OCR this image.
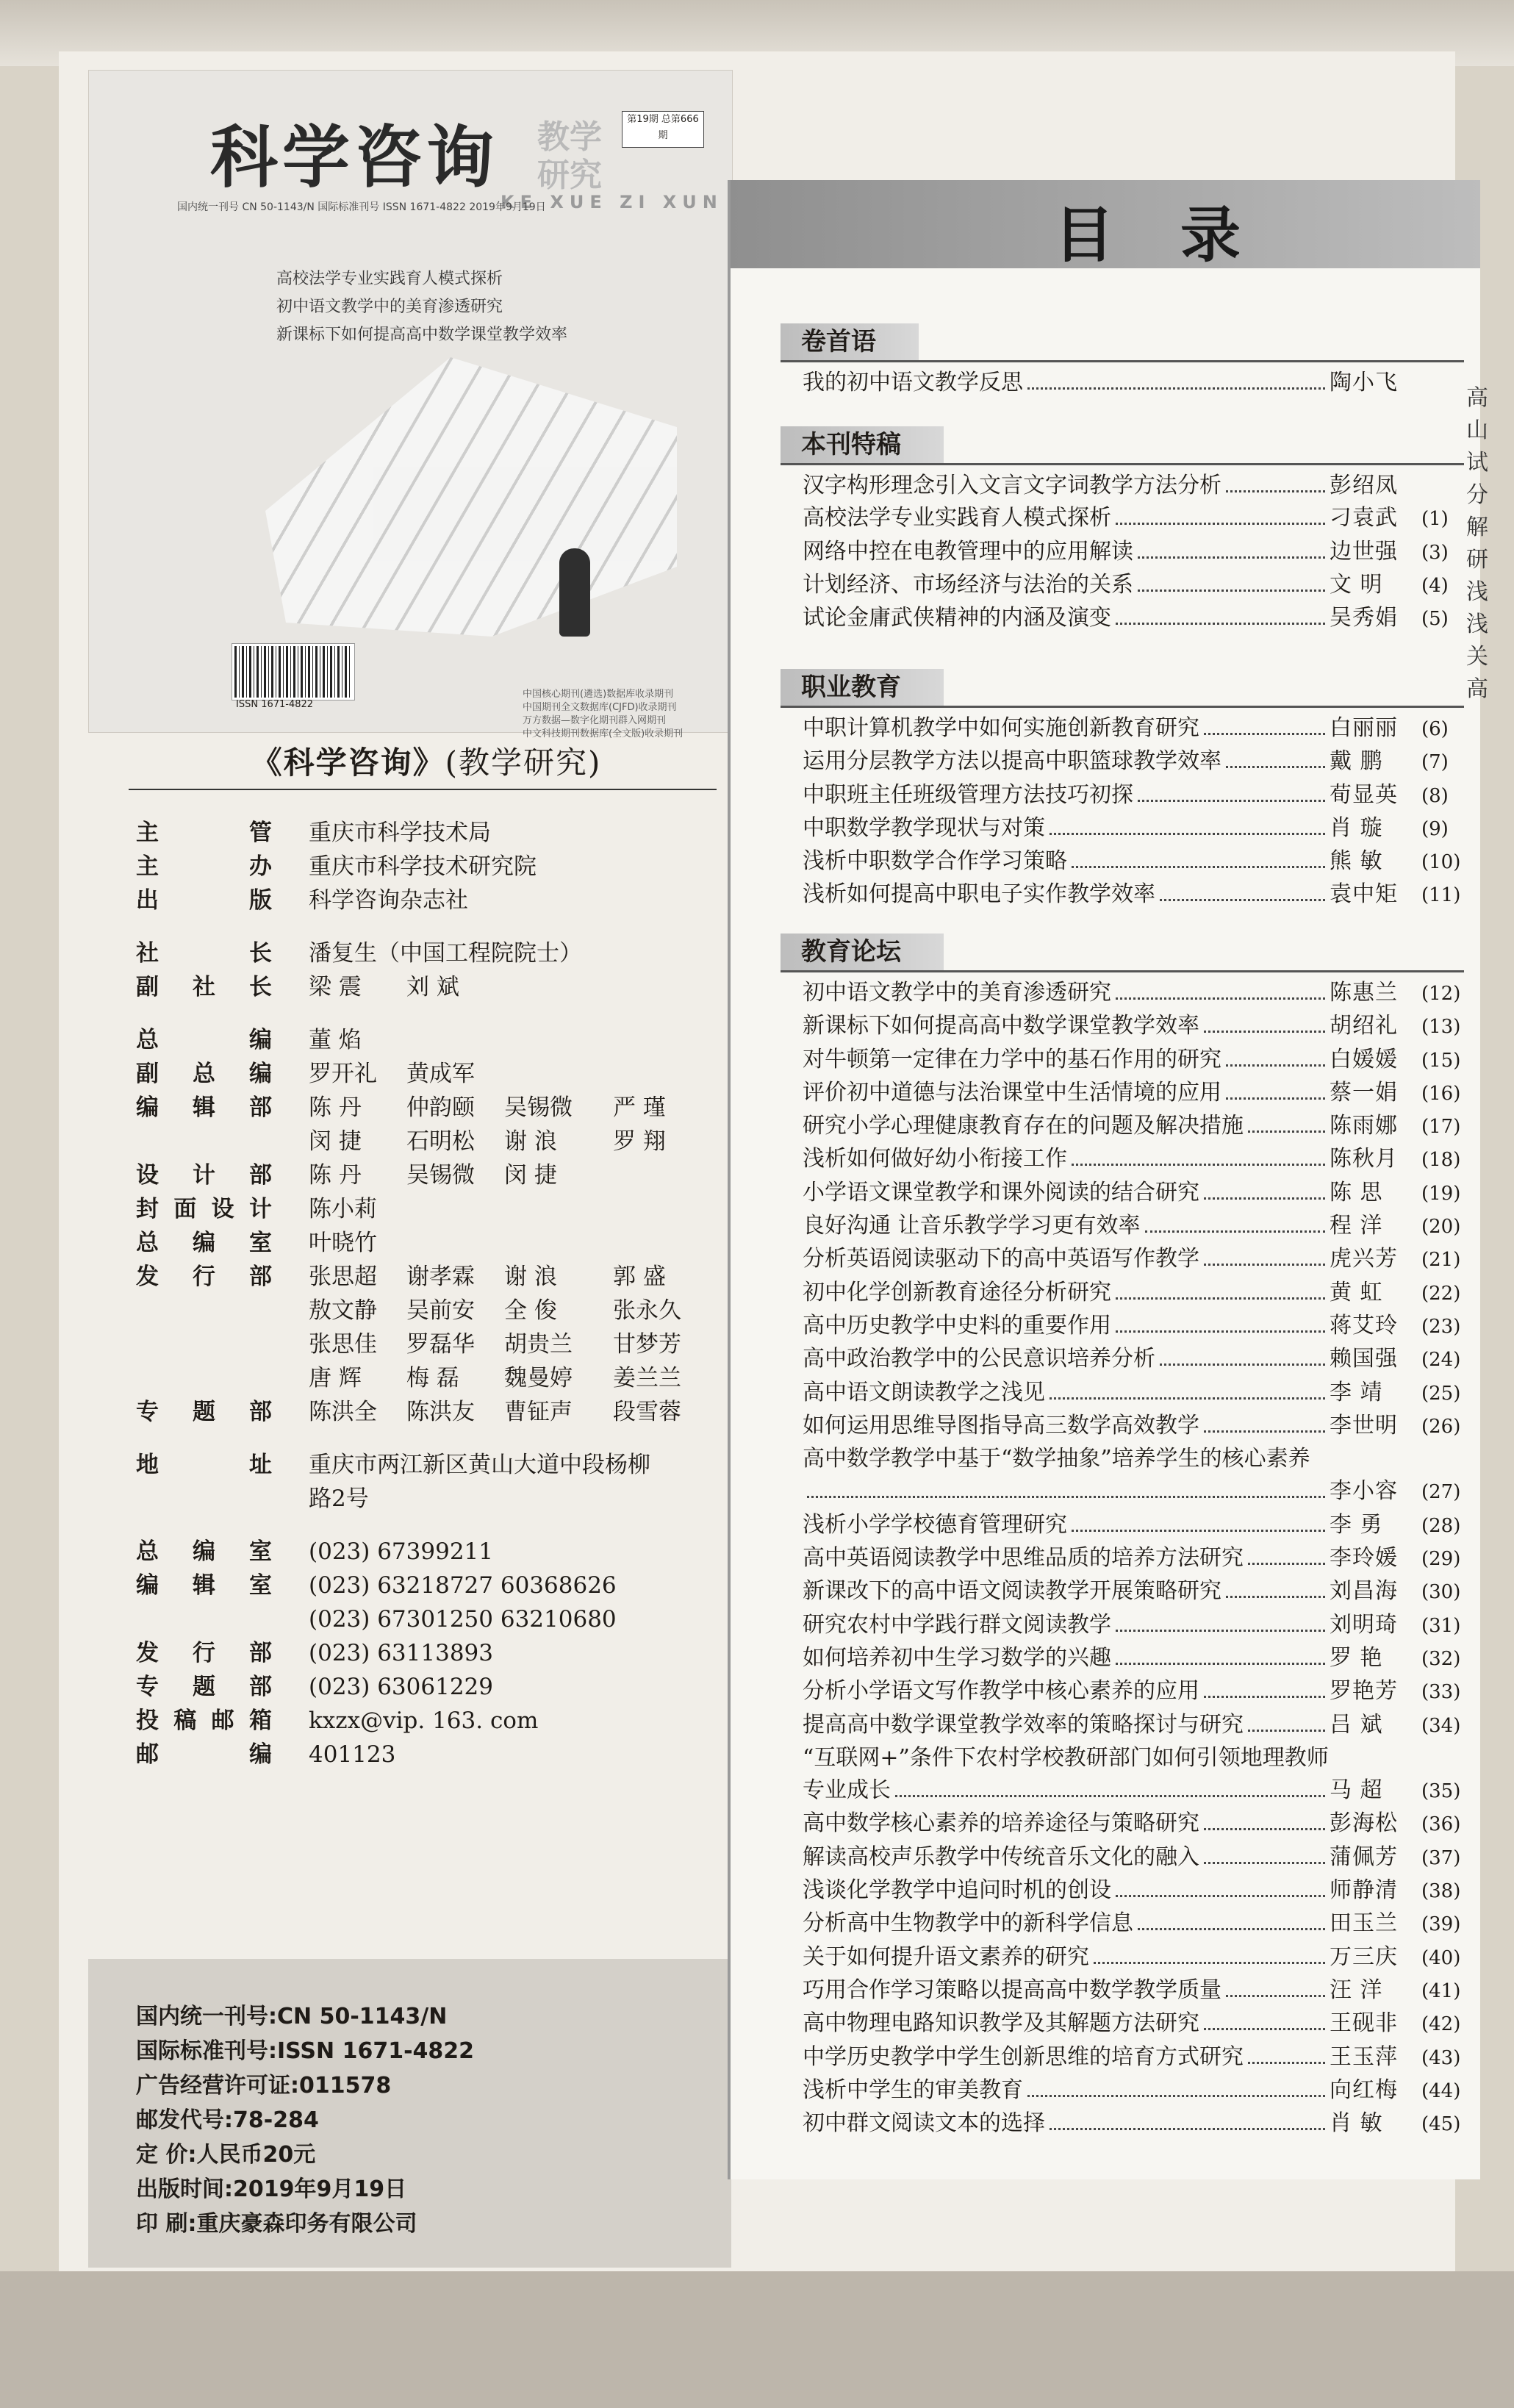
科学咨询 教学 研究
KE XUE ZI XUN
第19期 总第666期
国内统一刊号 CN 50-1143/N 国际标准刊号 ISSN 1671-4822 2019年9月19日
高校法学专业实践育人模式探析
初中语文教学中的美育渗透研究
新课标下如何提高高中数学课堂教学效率
ISSN 1671-4822
中国核心期刊(遴选)数据库收录期刊
中国期刊全文数据库(CJFD)收录期刊
万方数据—数字化期刊群入网期刊
中文科技期刊数据库(全文版)收录期刊
《科学咨询》(教学研究)
主管	重庆市科学技术局
主办	重庆市科学技术研究院
出版	科学咨询杂志社
社长	潘复生（中国工程院院士）
副社长	梁 震	刘 斌
总编	董 焰
副总编	罗开礼	黄成军
编辑部	陈 丹	仲韵颐	吴锡微	严 瑾
闵 捷	石明松	谢 浪	罗 翔
设计部	陈 丹	吴锡微	闵 捷
封面设计	陈小莉
总编室	叶晓竹
发行部	张思超	谢孝霖	谢 浪	郭 盛
敖文静	吴前安	全 俊	张永久
张思佳	罗磊华	胡贵兰	甘梦芳
唐 辉	梅 磊	魏曼婷	姜兰兰
专题部	陈洪全	陈洪友	曹钲声	段雪蓉
地址	重庆市两江新区黄山大道中段杨柳路2号
总编室	(023) 67399211
编辑室	(023) 63218727 60368626
(023) 67301250 63210680
发行部	(023) 63113893
专题部	(023) 63061229
投稿邮箱	kxzx@vip. 163. com
邮编	401123
国内统一刊号:CN 50-1143/N
国际标准刊号:ISSN 1671-4822
广告经营许可证:011578
邮发代号:78-284
定 价:人民币20元
出版时间:2019年9月19日
印 刷:重庆豪森印务有限公司
目录
卷首语
我的初中语文教学反思	陶小飞
本刊特稿
汉字构形理念引入文言文字词教学方法分析	彭绍凤
高校法学专业实践育人模式探析	刁袁武	(1)
网络中控在电教管理中的应用解读	边世强	(3)
计划经济、市场经济与法治的关系	文 明	(4)
试论金庸武侠精神的内涵及演变	吴秀娟	(5)
职业教育
中职计算机教学中如何实施创新教育研究	白丽丽	(6)
运用分层教学方法以提高中职篮球教学效率	戴 鹏	(7)
中职班主任班级管理方法技巧初探	荀显英	(8)
中职数学教学现状与对策	肖 璇	(9)
浅析中职数学合作学习策略	熊 敏	(10)
浅析如何提高中职电子实作教学效率	袁中矩	(11)
教育论坛
初中语文教学中的美育渗透研究	陈惠兰	(12)
新课标下如何提高高中数学课堂教学效率	胡绍礼	(13)
对牛顿第一定律在力学中的基石作用的研究	白媛媛	(15)
评价初中道德与法治课堂中生活情境的应用	蔡一娟	(16)
研究小学心理健康教育存在的问题及解决措施	陈雨娜	(17)
浅析如何做好幼小衔接工作	陈秋月	(18)
小学语文课堂教学和课外阅读的结合研究	陈 思	(19)
良好沟通 让音乐教学学习更有效率	程 洋	(20)
分析英语阅读驱动下的高中英语写作教学	虎兴芳	(21)
初中化学创新教育途径分析研究	黄 虹	(22)
高中历史教学中史料的重要作用	蒋艾玲	(23)
高中政治教学中的公民意识培养分析	赖国强	(24)
高中语文朗读教学之浅见	李 靖	(25)
如何运用思维导图指导高三数学高效教学	李世明	(26)
高中数学教学中基于“数学抽象”培养学生的核心素养
李小容	(27)
浅析小学学校德育管理研究	李 勇	(28)
高中英语阅读教学中思维品质的培养方法研究	李玲媛	(29)
新课改下的高中语文阅读教学开展策略研究	刘昌海	(30)
研究农村中学践行群文阅读教学	刘明琦	(31)
如何培养初中生学习数学的兴趣	罗 艳	(32)
分析小学语文写作教学中核心素养的应用	罗艳芳	(33)
提高高中数学课堂教学效率的策略探讨与研究	吕 斌	(34)
“互联网+”条件下农村学校教研部门如何引领地理教师
专业成长	马 超	(35)
高中数学核心素养的培养途径与策略研究	彭海松	(36)
解读高校声乐教学中传统音乐文化的融入	蒲佩芳	(37)
浅谈化学教学中追问时机的创设	师静清	(38)
分析高中生物教学中的新科学信息	田玉兰	(39)
关于如何提升语文素养的研究	万三庆	(40)
巧用合作学习策略以提高高中数学教学质量	汪 洋	(41)
高中物理电路知识教学及其解题方法研究	王砚非	(42)
中学历史教学中学生创新思维的培育方式研究	王玉萍	(43)
浅析中学生的审美教育	向红梅	(44)
初中群文阅读文本的选择	肖 敏	(45)
高
山
试
分
解
研
浅
浅
关
高
